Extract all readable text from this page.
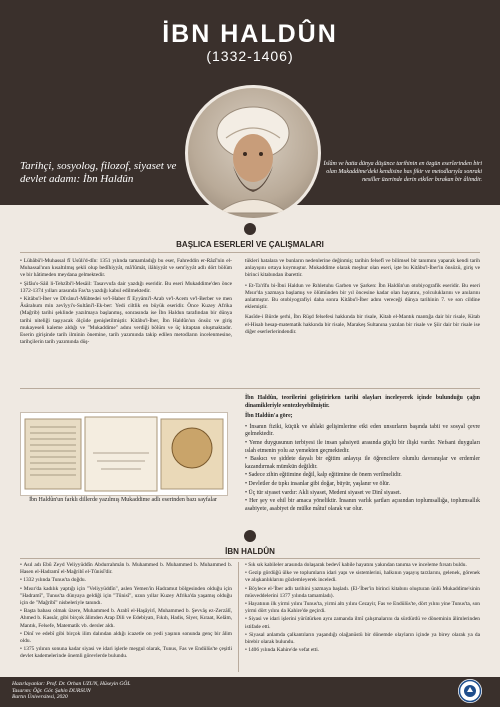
İBN HALDÛN
(1332-1406)
Tarihçi, sosyolog, filozof, siyaset ve devlet adamı: İbn Haldûn
İslâm ve hatta dünya düşünce tarihinin en özgün eserlerinden biri olan Mukaddime'deki kendisine has fikir ve metodlarıyla sonraki nesiller üzerinde derin etkiler bırakan bir âlimdir.
BAŞLICA ESERLERİ VE ÇALIŞMALARI
• Lübâbü'l-Muhassal fî Usûli'd-dîn: 1351 yılında tamamladığı bu eser, Fahreddin er-Râzî'nin el-Muhassal'ının kısaltılmış şekli olup bedîhiyyât, mâ'lûmât, ilâhiyyât ve sem'iyyât adlı dört bölüm ve bir hâtimeden meydana gelmektedir.
• Şifâu's-Sâil li-Tehzîbi'l-Mesâil: Tasavvufa dair yazdığı eseridir. Bu eseri Mukaddime'den önce 1372-1374 yılları arasında Fas'ta yazdığı kabul edilmektedir.
• Kitâbu'l-İber ve Dîvânu'l-Mübtedei ve'l-Haber fî Eyyâmi'l-Arab ve'l-Acem ve'l-Berber ve men Âsârahum min zevîyyi's-Sultâni'l-Ek-ber: Yedi ciltlik en büyük eseridir. Önce Kuzey Afrika (Mağrib) tarihi şeklinde yazılmaya başlanmış, sonrasında ise İbn Haldun tarafından bir dünya tarihi niteliği taşıyacak ölçüde genişletilmiştir. Kitâbu'l-İber, İbn Haldûn'un önsöz ve giriş mukayeseli kaleme aldığı ve "Mukaddime" adını verdiği bölüm ve üç kitaptan oluşmaktadır. Eserin girişinde tarih ilminin önemine, tarih yazımında takip edilen metodların incelenmesine, tarihçilerin tarih yazımında düş-

tükleri hatalara ve bunların nedenlerine değinmiş; tarihin felsefî ve bilimsel bir tanımını yaparak kendi tarih anlayışını ortaya koymuştur. Mukaddime olarak meşhur olan eseri, işte bu Kitâbu'l-İber'in önsözü, giriş ve birinci kitabından ibarettir.

• Et-Ta'rîfu bi-İbni Haldun ve Rıhletuhu Garben ve Şarken: İbn Haldûn'un otobiyografik eseridir. Bu eseri Mısır'da yazmaya başlamış ve ölümünden bir yıl öncesine kadar olan hayatını, yolculuklarını ve anılarını anlatmıştır. Bu otobiyografiyi daha sonra Kitâbu'l-İber adını vereceği dünya tarihinin 7. ve son cildine eklemiştir.

Kasîde-i Bürde şerhi, İbn Rüşd felsefesi hakkında bir risale, Kitab el-Mantık mantığa dair bir risale, Kitab el-Hisab hesap-matematik hakkında bir risale, Marakeş Sultanına yazılan bir risale ve Şiir dair bir risale ise diğer eserlerlerindendir.

İbn Haldûn'un farklı dillerde yazılmış Mukaddime adlı eserinden bazı sayfalar

İbn Haldûn, teorilerini geliştirirken tarihi olayları inceleyerek içinde bulunduğu çağın dinamikleriyle sentezleyebilmiştir.

İbn Haldûn'a göre;

• İnsanın fiziki, küçük ve ahlaki gelişimlerine etki eden unsurların başında tabii ve sosyal çevre gelmektedir.
• Yeme duygusunun terbiyesi ile insan şahsiyeti arasında güçlü bir ilişki vardır. Nefsani duyguları ıslah etmenin yolu az yemekten geçmektedir.
• Baskıcı ve şiddete dayalı bir eğitim anlayışı ile öğrencilere olumlu davranışlar ve erdemler kazandırmak mümkün değildir.
• Sadece zihin eğitimine değil, kalp eğitimine de önem verilmelidir.
• Devletler de tıpkı insanlar gibi doğar, büyür, yaşlanır ve ölür.
• Üç tür siyaset vardır: Akli siyaset, Medeni siyaset ve Dinî siyaset.
• Her şey ve ehil bir amaca yöneliktir. İnsanın varlık şartları açısından toplumsallığa, toplumsallık asabiyete, asabiyet de mülke mâtuf olarak var olur.
İBN HALDÛN
• Asıl adı Ebû Zeyd Veliyyüddîn Abdurrahmân b. Muhammed b. Muhammed b. Muhammed b. Hasen el-Hadramî el-Mağribî el-Tûnisî'dir.
• 1332 yılında Tunus'ta doğdu.
• Mısır'da kadılık yaptığı için "Veliyyüddîn", aslen Yemen'in Hadramut bölgesinden olduğu için "Hadramî", Tunus'ta dünyaya geldiği için "Tûnisî", uzun yıllar Kuzey Afrika'da yaşamış olduğu için de "Mağribî" nisbeleriyle tanındı.
• Başta babası olmak üzere, Muhammed b. Arabî el-Haşâyirî, Muhammed b. Şevvâş ez-Zerzâlî, Ahmed b. Kassâr, gibi birçok âlimden Arap Dili ve Edebiyatı, Fıkıh, Hadis, Siyer, Kıraat, Kelâm, Mantık, Felsefe, Matematik vb. dersler aldı.
• Dinî ve edebî gibi birçok ilim dalından aldığı icazetle on yedi yaşının sonunda genç bir âlim oldu.
• 1375 yılının sonuna kadar siyasi ve idari işlerle meşgul olarak, Tunus, Fas ve Endülüs'te çeşitli devlet kademelerinde önemli görevlerde bulundu.
• Sık sık kabileler arasında dolaşarak bedevî kabile hayatını yakından tanıma ve inceleme fırsatı buldu.
• Gezip gördüğü ülke ve toplumların idari yapı ve sistemlerini, halkının yaşayış tarzlarını, gelenek, görenek ve alışkanlıklarını gözlemleyerek inceledi.
• Böylece el-'İber adlı tarihini yazmaya başladı. (El-'İber'in birinci kitabını oluşturan ünlü Mukaddime'sinin müsveddelerini 1377 yılında tamamladı).
• Hayatının ilk yirmi yılını Tunus'ta, yirmi altı yılını Cezayir, Fas ve Endülüs'te, dört yılını yine Tunus'ta, son yirmi dört yılını da Kahire'de geçirdi.
• Siyasi ve idari işlerini yürütürken aynı zamanda ilmî çalışmalarını da sürdürdü ve döneminin âlimlerinden istifade etti.
• Siyasal anlamda çalkantıların yaşandığı olağanüstü bir dönemde olayların içinde ya birey olarak ya da birebir olarak bulundu.
• 1406 yılında Kahire'de vefat etti.
Hazırlayanlar: Prof. Dr. Orhan UZUN, Hüseyin GÖL
Tasarım: Öğr. Gör. Şahin DURSUN
Bartın Üniversitesi, 2020
